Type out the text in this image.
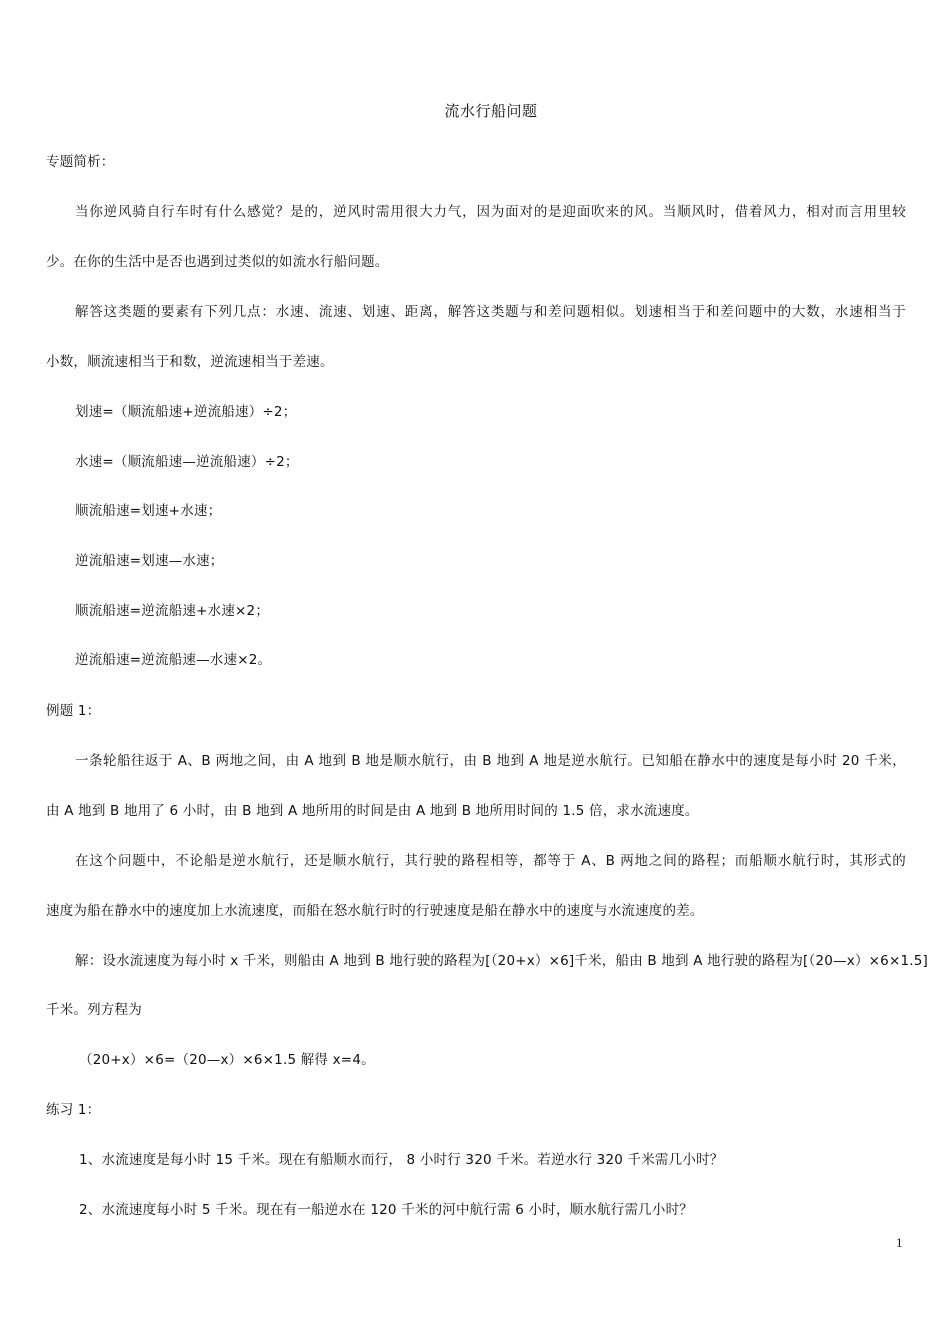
流水行船问题
专题简析：
当你逆风骑自行车时有什么感觉？是的，逆风时需用很大力气，因为面对的是迎面吹来的风。当顺风时，借着风力，相对而言用里较
少。在你的生活中是否也遇到过类似的如流水行船问题。
解答这类题的要素有下列几点：水速、流速、划速、距离，解答这类题与和差问题相似。划速相当于和差问题中的大数，水速相当于
小数，顺流速相当于和数，逆流速相当于差速。
划速=（顺流船速+逆流船速）÷2；
水速=（顺流船速—逆流船速）÷2；
顺流船速=划速+水速；
逆流船速=划速—水速；
顺流船速=逆流船速+水速×2；
逆流船速=逆流船速—水速×2。
例题 1：
一条轮船往返于 A、B 两地之间，由 A 地到 B 地是顺水航行，由 B 地到 A 地是逆水航行。已知船在静水中的速度是每小时 20 千米，
由 A 地到 B 地用了 6 小时，由 B 地到 A 地所用的时间是由 A 地到 B 地所用时间的 1.5 倍，求水流速度。
在这个问题中，不论船是逆水航行，还是顺水航行，其行驶的路程相等，都等于 A、B 两地之间的路程；而船顺水航行时，其形式的
速度为船在静水中的速度加上水流速度，而船在怒水航行时的行驶速度是船在静水中的速度与水流速度的差。
解：设水流速度为每小时 x 千米，则船由 A 地到 B 地行驶的路程为[（20+x）×6]千米，船由 B 地到 A 地行驶的路程为[（20—x）×6×1.5]
千米。列方程为
（20+x）×6=（20—x）×6×1.5 解得 x=4。
练习 1：
1、水流速度是每小时 15 千米。现在有船顺水而行， 8 小时行 320 千米。若逆水行 320 千米需几小时？
2、水流速度每小时 5 千米。现在有一船逆水在 120 千米的河中航行需 6 小时，顺水航行需几小时？
1
